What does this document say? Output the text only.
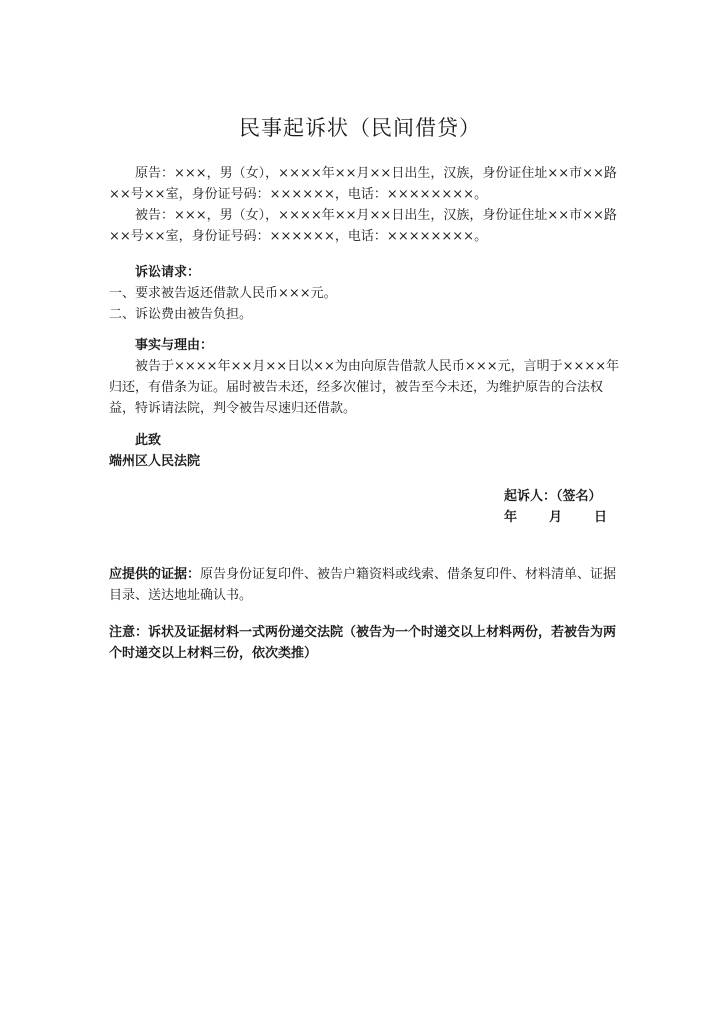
民事起诉状（民间借贷）

原告：×××，男（女），××××年××月××日出生，汉族，身份证住址××市××路××号××室，身份证号码：××××××，电话：××××××××。

被告：×××，男（女），××××年××月××日出生，汉族，身份证住址××市××路××号××室，身份证号码：××××××，电话：××××××××。

诉讼请求：

一、要求被告返还借款人民币×××元。

二、诉讼费由被告负担。

事实与理由：

被告于××××年××月××日以××为由向原告借款人民币×××元，言明于××××年归还，有借条为证。届时被告未还，经多次催讨，被告至今未还，为维护原告的合法权益，特诉请法院，判令被告尽速归还借款。

此致

端州区人民法院

起诉人：（签名）
年 月 日

应提供的证据：原告身份证复印件、被告户籍资料或线索、借条复印件、材料清单、证据目录、送达地址确认书。

注意：诉状及证据材料一式两份递交法院（被告为一个时递交以上材料两份，若被告为两个时递交以上材料三份，依次类推）
